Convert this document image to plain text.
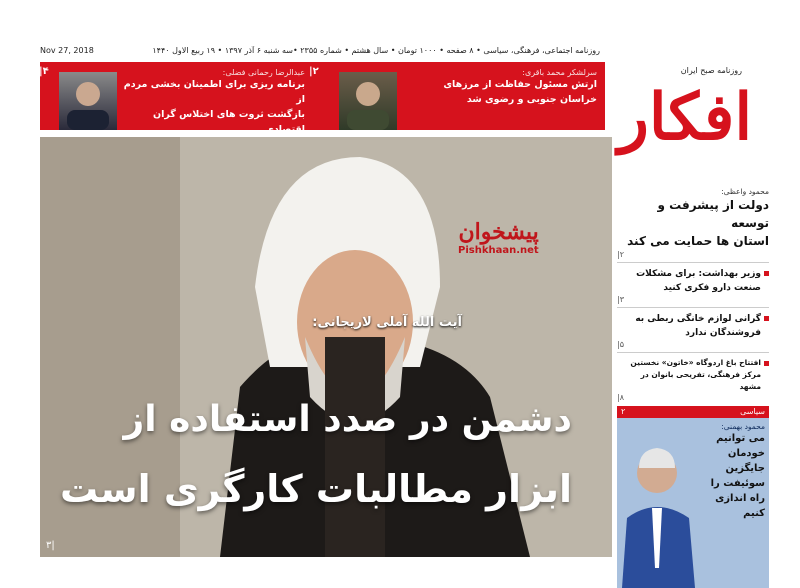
Nov 27, 2018	روزنامه اجتماعی، فرهنگی، سیاسی • ۸ صفحه • ۱۰۰۰ تومان • سال هشتم • شماره ۲۳۵۵ •سه شنبه ۶ آذر ۱۳۹۷ • ۱۹ ربیع الاول ۱۴۴۰
سرلشکر محمد باقری:
ارتش مسئول حفاظت از مرزهای
خراسان جنوبی و رضوی شد
۲|
عبدالرضا رحمانی فضلی:
برنامه ریزی برای اطمینان بخشی مردم از
بازگشت ثروت های اختلاس گران اقتصادی
۴|	روزنامه صبح ایران
افکار
پیشخوان
Pishkhaan.net
آیت الله آملی لاریجانی:
دشمن در صدد استفاده از
ابزار مطالبات کارگری است
۳|
محمود واعظی:
دولت از پیشرفت و توسعه
استان ها حمایت می کند
۲|
وزیر بهداشت: برای مشکلات
صنعت دارو فکری کنید
۳|
گرانی لوازم خانگی ربطی به
فروشندگان ندارد
۵|
افتتاح باغ اردوگاه «خاتون» نخستین
مرکز فرهنگی، تفریحی بانوان در مشهد
۸|
سیاسی
۲
محمود بهمنی:
می توانیم
خودمان
جایگزین
سوئیفت را
راه اندازی
کنیم
